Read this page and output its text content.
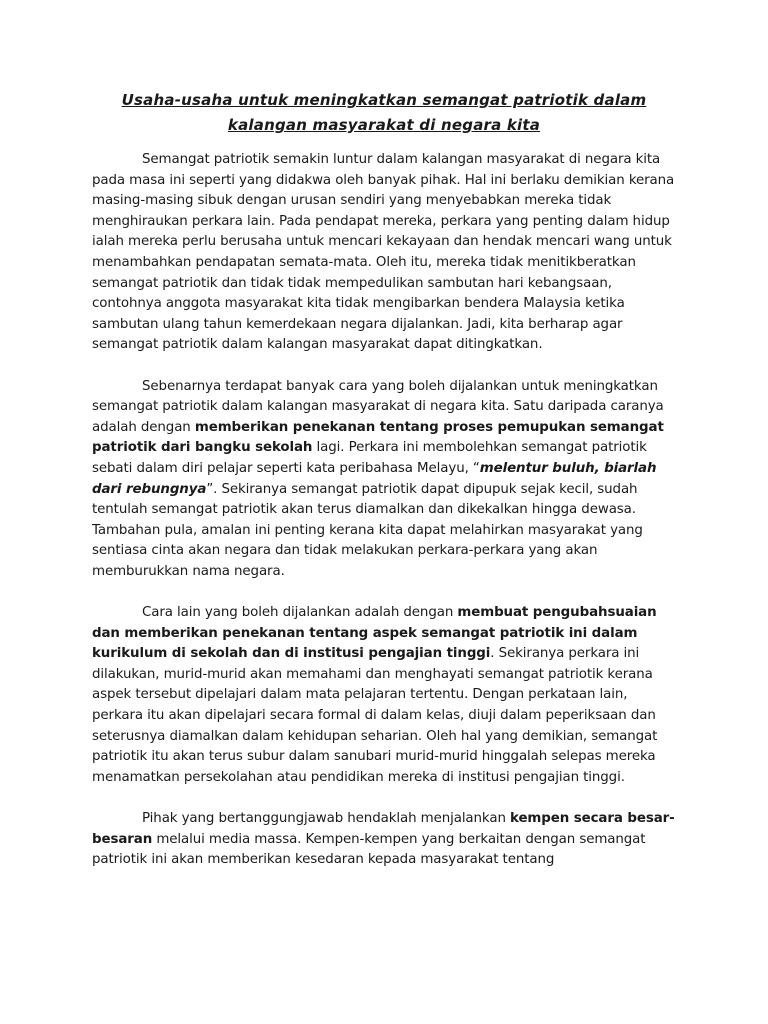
Usaha-usaha untuk meningkatkan semangat patriotik dalam kalangan masyarakat di negara kita

Semangat patriotik semakin luntur dalam kalangan masyarakat di negara kita pada masa ini seperti yang didakwa oleh banyak pihak. Hal ini berlaku demikian kerana masing-masing sibuk dengan urusan sendiri yang menyebabkan mereka tidak menghiraukan perkara lain. Pada pendapat mereka, perkara yang penting dalam hidup ialah mereka perlu berusaha untuk mencari kekayaan dan hendak mencari wang untuk menambahkan pendapatan semata-mata. Oleh itu, mereka tidak menitikberatkan semangat patriotik dan tidak tidak mempedulikan sambutan hari kebangsaan, contohnya anggota masyarakat kita tidak mengibarkan bendera Malaysia ketika sambutan ulang tahun kemerdekaan negara dijalankan. Jadi, kita berharap agar semangat patriotik dalam kalangan masyarakat dapat ditingkatkan.

Sebenarnya terdapat banyak cara yang boleh dijalankan untuk meningkatkan semangat patriotik dalam kalangan masyarakat di negara kita. Satu daripada caranya adalah dengan memberikan penekanan tentang proses pemupukan semangat patriotik dari bangku sekolah lagi. Perkara ini membolehkan semangat patriotik sebati dalam diri pelajar seperti kata peribahasa Melayu, “melentur buluh, biarlah dari rebungnya”. Sekiranya semangat patriotik dapat dipupuk sejak kecil, sudah tentulah semangat patriotik akan terus diamalkan dan dikekalkan hingga dewasa. Tambahan pula, amalan ini penting kerana kita dapat melahirkan masyarakat yang sentiasa cinta akan negara dan tidak melakukan perkara-perkara yang akan memburukkan nama negara.

Cara lain yang boleh dijalankan adalah dengan membuat pengubahsuaian dan memberikan penekanan tentang aspek semangat patriotik ini dalam kurikulum di sekolah dan di institusi pengajian tinggi. Sekiranya perkara ini dilakukan, murid-murid akan memahami dan menghayati semangat patriotik kerana aspek tersebut dipelajari dalam mata pelajaran tertentu. Dengan perkataan lain, perkara itu akan dipelajari secara formal di dalam kelas, diuji dalam peperiksaan dan seterusnya diamalkan dalam kehidupan seharian. Oleh hal yang demikian, semangat patriotik itu akan terus subur dalam sanubari murid-murid hinggalah selepas mereka menamatkan persekolahan atau pendidikan mereka di institusi pengajian tinggi.

Pihak yang bertanggungjawab hendaklah menjalankan kempen secara besar-besaran melalui media massa. Kempen-kempen yang berkaitan dengan semangat patriotik ini akan memberikan kesedaran kepada masyarakat tentang
